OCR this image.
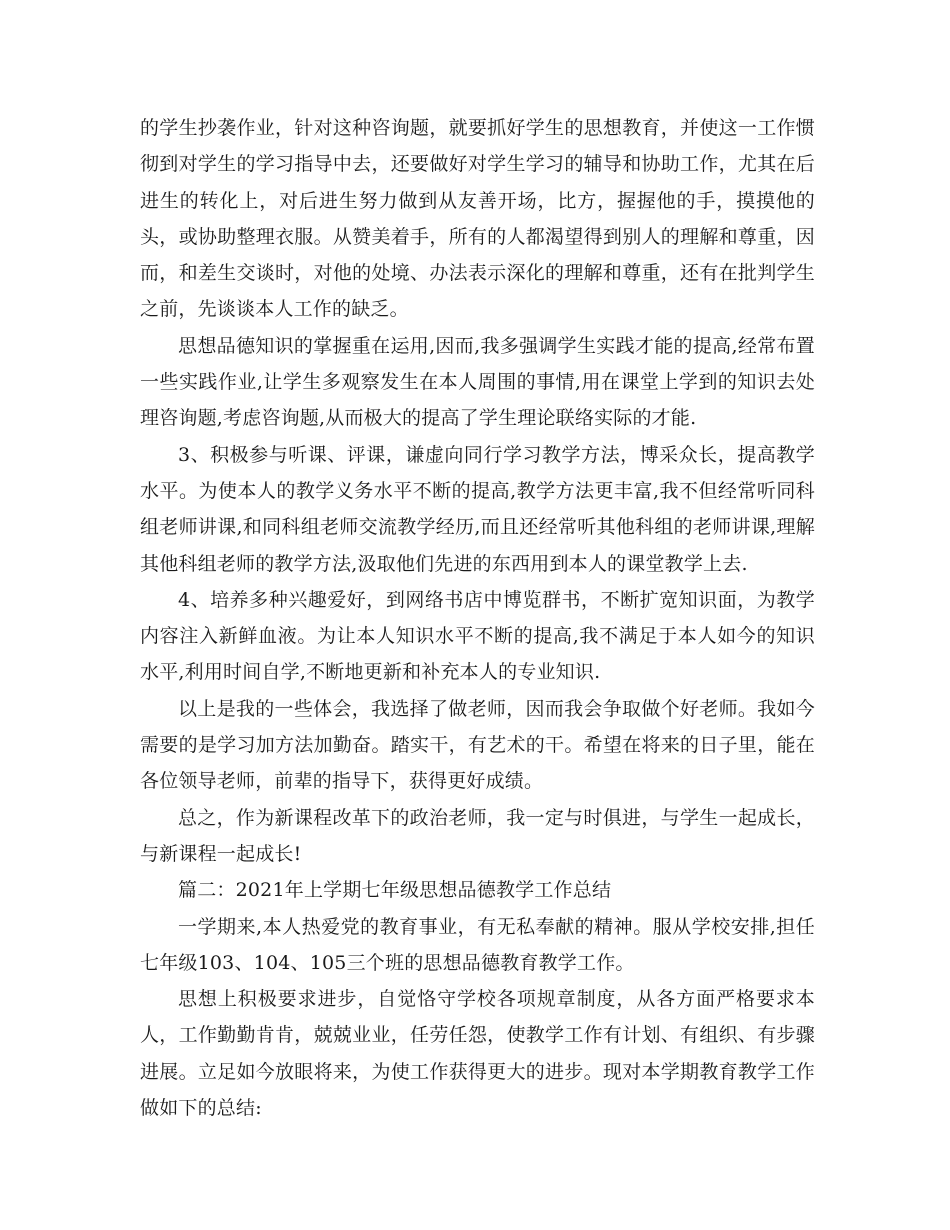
的学生抄袭作业，针对这种咨询题，就要抓好学生的思想教育，并使这一工作惯彻到对学生的学习指导中去，还要做好对学生学习的辅导和协助工作，尤其在后进生的转化上，对后进生努力做到从友善开场，比方，握握他的手，摸摸他的头，或协助整理衣服。从赞美着手，所有的人都渴望得到别人的理解和尊重，因而，和差生交谈时，对他的处境、办法表示深化的理解和尊重，还有在批判学生之前，先谈谈本人工作的缺乏。

思想品德知识的掌握重在运用,因而,我多强调学生实践才能的提高,经常布置一些实践作业,让学生多观察发生在本人周围的事情,用在课堂上学到的知识去处理咨询题,考虑咨询题,从而极大的提高了学生理论联络实际的才能.

3、积极参与听课、评课，谦虚向同行学习教学方法，博采众长，提高教学水平。为使本人的教学义务水平不断的提高,教学方法更丰富,我不但经常听同科组老师讲课,和同科组老师交流教学经历,而且还经常听其他科组的老师讲课,理解其他科组老师的教学方法,汲取他们先进的东西用到本人的课堂教学上去.

4、培养多种兴趣爱好，到网络书店中博览群书，不断扩宽知识面，为教学内容注入新鲜血液。为让本人知识水平不断的提高,我不满足于本人如今的知识水平,利用时间自学,不断地更新和补充本人的专业知识.

以上是我的一些体会，我选择了做老师，因而我会争取做个好老师。我如今需要的是学习加方法加勤奋。踏实干，有艺术的干。希望在将来的日子里，能在各位领导老师，前辈的指导下，获得更好成绩。

总之，作为新课程改革下的政治老师，我一定与时俱进，与学生一起成长，与新课程一起成长!

篇二：2021年上学期七年级思想品德教学工作总结

一学期来,本人热爱党的教育事业，有无私奉献的精神。服从学校安排,担任七年级103、104、105三个班的思想品德教育教学工作。

思想上积极要求进步，自觉恪守学校各项规章制度，从各方面严格要求本人，工作勤勤肯肯，兢兢业业，任劳任怨，使教学工作有计划、有组织、有步骤进展。立足如今放眼将来，为使工作获得更大的进步。现对本学期教育教学工作做如下的总结:
